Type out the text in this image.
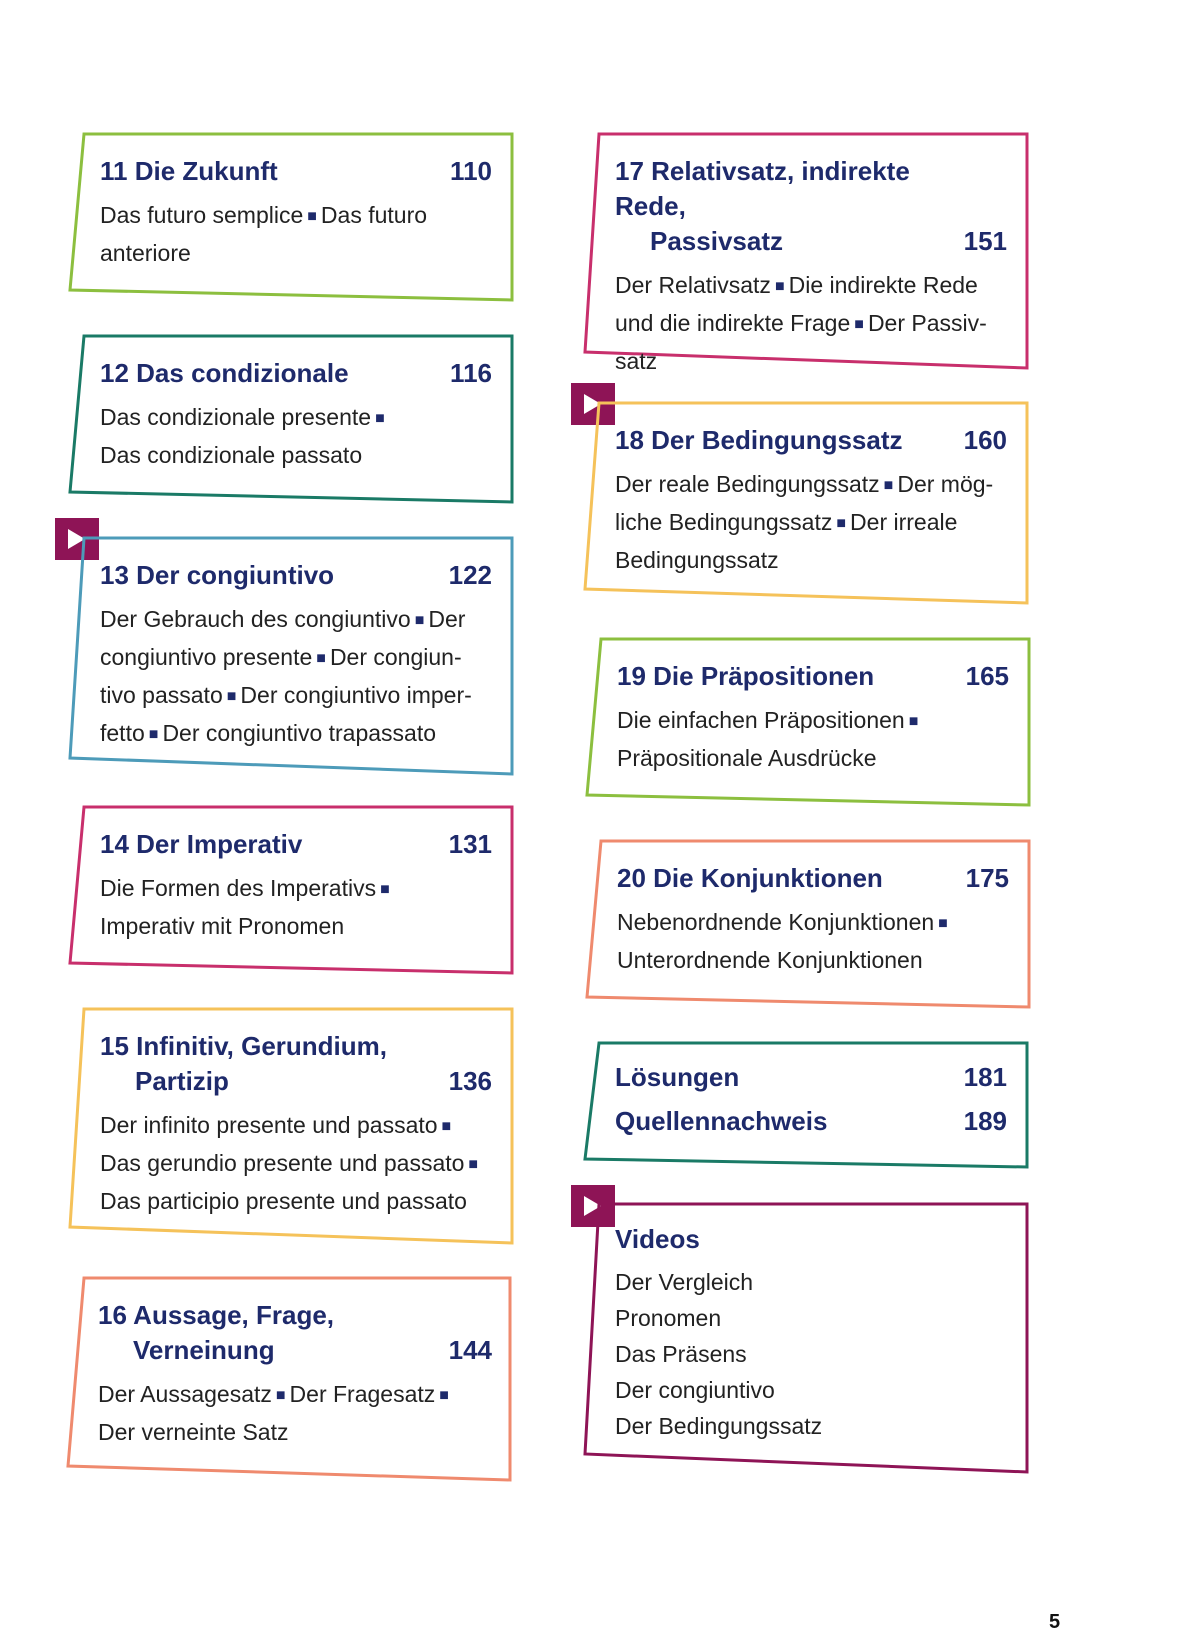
11 Die Zukunft	110
Das futuro semplice ■ Das futuro
anteriore
12 Das condizionale	116
Das condizionale presente ■
Das condizionale passato
13 Der congiuntivo	122
Der Gebrauch des congiuntivo ■ Der
congiuntivo presente ■ Der congiun-
tivo passato ■ Der congiuntivo imper-
fetto ■ Der congiuntivo trapassato
14 Der Imperativ	131
Die Formen des Imperativs ■
Imperativ mit Pronomen
15 Infinitiv, Gerundium,
Partizip	136
Der infinito presente und passato ■
Das gerundio presente und passato ■
Das participio presente und passato
16 Aussage, Frage,
Verneinung	144
Der Aussagesatz ■ Der Fragesatz ■
Der verneinte Satz
17 Relativsatz, indirekte Rede,
Passivsatz	151
Der Relativsatz ■ Die indirekte Rede
und die indirekte Frage ■ Der Passiv-
satz
18 Der Bedingungssatz	160
Der reale Bedingungssatz ■ Der mög-
liche Bedingungssatz ■ Der irreale
Bedingungssatz
19 Die Präpositionen	165
Die einfachen Präpositionen ■
Präpositionale Ausdrücke
20 Die Konjunktionen	175
Nebenordnende Konjunktionen ■
Unterordnende Konjunktionen
Lösungen	181
Quellennachweis	189
Videos
Der Vergleich
Pronomen
Das Präsens
Der congiuntivo
Der Bedingungssatz
5
